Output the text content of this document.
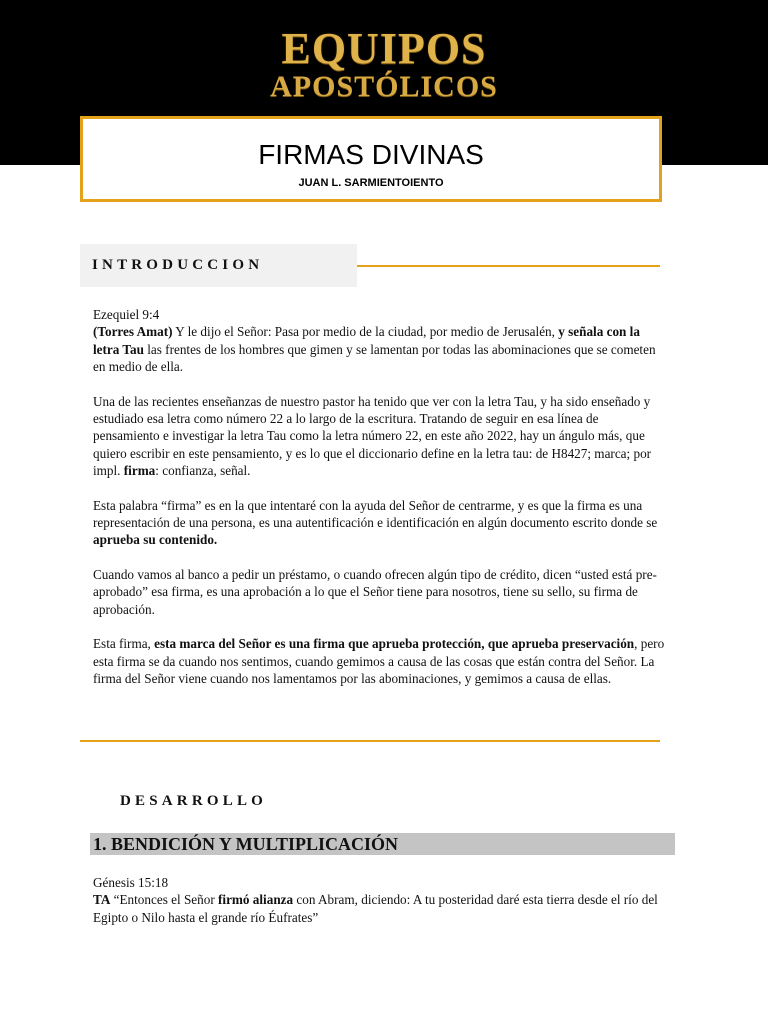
EQUIPOS
APOSTÓLICOS
FIRMAS DIVINAS
JUAN L. SARMIENTOIENTO
INTRODUCCION

Ezequiel 9:4

(Torres Amat) Y le dijo el Señor: Pasa por medio de la ciudad, por medio de Jerusalén, y señala con la letra Tau las frentes de los hombres que gimen y se lamentan por todas las abominaciones que se cometen en medio de ella.

Una de las recientes enseñanzas de nuestro pastor ha tenido que ver con la letra Tau, y ha sido enseñado y estudiado esa letra como número 22 a lo largo de la escritura. Tratando de seguir en esa línea de pensamiento e investigar la letra Tau como la letra número 22, en este año 2022, hay un ángulo más, que quiero escribir en este pensamiento, y es lo que el diccionario define en la letra tau: de H8427; marca; por impl. firma: confianza, señal.

Esta palabra “firma” es en la que intentaré con la ayuda del Señor de centrarme, y es que la firma es una representación de una persona, es una autentificación e identificación en algún documento escrito donde se aprueba su contenido.

Cuando vamos al banco a pedir un préstamo, o cuando ofrecen algún tipo de crédito, dicen “usted está pre-aprobado” esa firma, es una aprobación a lo que el Señor tiene para nosotros, tiene su sello, su firma de aprobación.

Esta firma, esta marca del Señor es una firma que aprueba protección, que aprueba preservación, pero esta firma se da cuando nos sentimos, cuando gemimos a causa de las cosas que están contra del Señor. La firma del Señor viene cuando nos lamentamos por las abominaciones, y gemimos a causa de ellas.

DESARROLLO
1. BENDICIÓN Y MULTIPLICACIÓN

Génesis 15:18

TA “Entonces el Señor firmó alianza con Abram, diciendo: A tu posteridad daré esta tierra desde el río del Egipto o Nilo hasta el grande río Éufrates”
